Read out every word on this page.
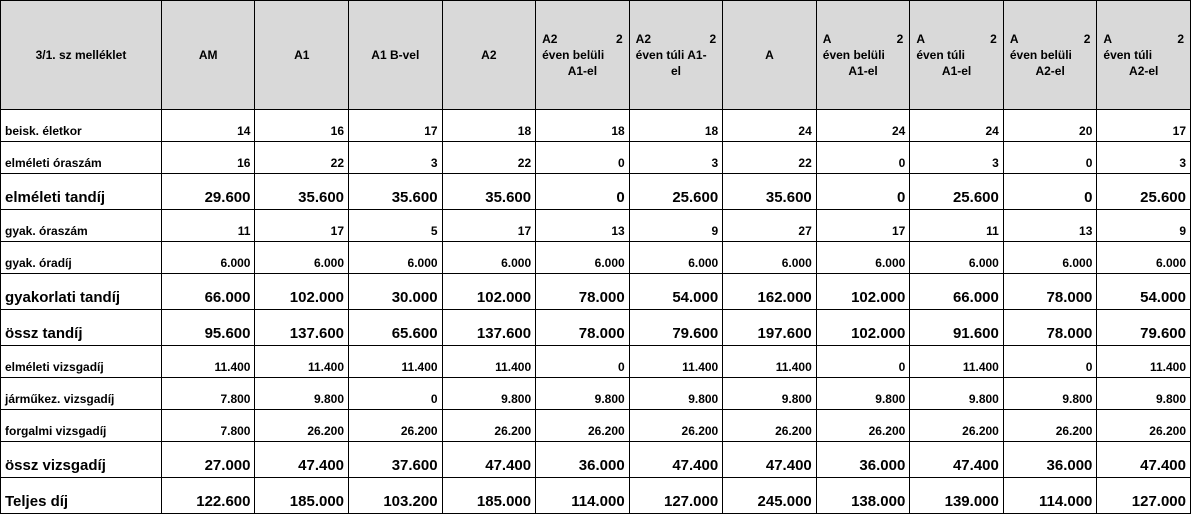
3/1. sz melléklet	AM	A1	A1 B-vel	A2	A2 2
éven belüli
A1-el	A2 2
éven túli A1-
el	A	A 2
éven belüli
A1-el	A 2
éven túli
A1-el	A 2
éven belüli
A2-el	A 2
éven túli
A2-el

beisk. életkor	14	16	17	18	18	18	24	24	24	20	17
elméleti óraszám	16	22	3	22	0	3	22	0	3	0	3
elméleti tandíj	29.600	35.600	35.600	35.600	0	25.600	35.600	0	25.600	0	25.600
gyak. óraszám	11	17	5	17	13	9	27	17	11	13	9
gyak. óradíj	6.000	6.000	6.000	6.000	6.000	6.000	6.000	6.000	6.000	6.000	6.000
gyakorlati tandíj	66.000	102.000	30.000	102.000	78.000	54.000	162.000	102.000	66.000	78.000	54.000
össz tandíj	95.600	137.600	65.600	137.600	78.000	79.600	197.600	102.000	91.600	78.000	79.600
elméleti vizsgadíj	11.400	11.400	11.400	11.400	0	11.400	11.400	0	11.400	0	11.400
járműkez. vizsgadíj	7.800	9.800	0	9.800	9.800	9.800	9.800	9.800	9.800	9.800	9.800
forgalmi vizsgadíj	7.800	26.200	26.200	26.200	26.200	26.200	26.200	26.200	26.200	26.200	26.200
össz vizsgadíj	27.000	47.400	37.600	47.400	36.000	47.400	47.400	36.000	47.400	36.000	47.400
Teljes díj	122.600	185.000	103.200	185.000	114.000	127.000	245.000	138.000	139.000	114.000	127.000
